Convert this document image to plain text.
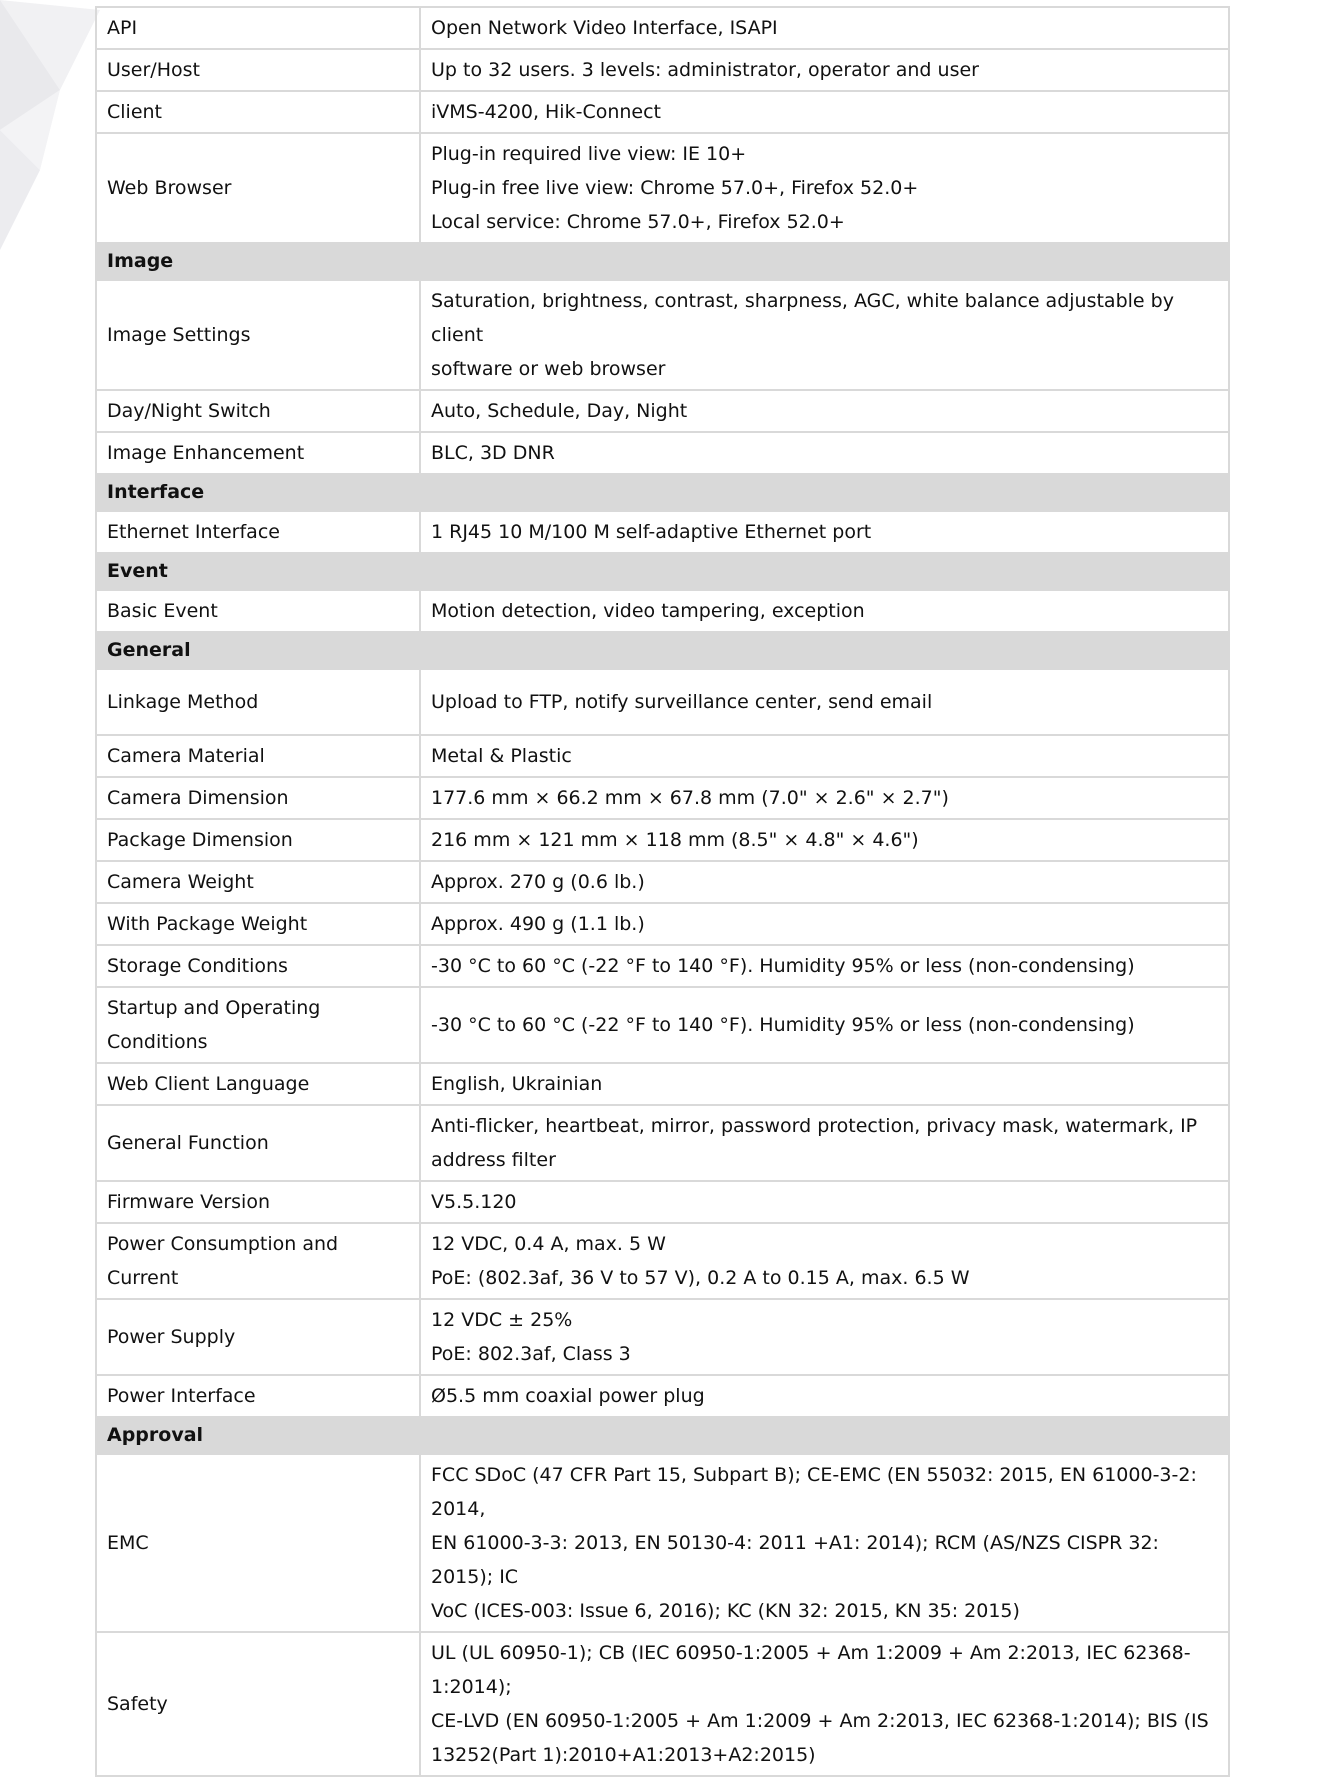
API	Open Network Video Interface, ISAPI

User/Host	Up to 32 users. 3 levels: administrator, operator and user

Client	iVMS-4200, Hik-Connect

Web Browser	Plug-in required live view: IE 10+
Plug-in free live view: Chrome 57.0+, Firefox 52.0+
Local service: Chrome 57.0+, Firefox 52.0+

Image	
Image Settings	Saturation, brightness, contrast, sharpness, AGC, white balance adjustable by client
software or web browser

Day/Night Switch	Auto, Schedule, Day, Night

Image Enhancement	BLC, 3D DNR

Interface	
Ethernet Interface	1 RJ45 10 M/100 M self-adaptive Ethernet port

Event	
Basic Event	Motion detection, video tampering, exception

General	
Linkage Method	Upload to FTP, notify surveillance center, send email

Camera Material	Metal & Plastic

Camera Dimension	177.6 mm × 66.2 mm × 67.8 mm (7.0" × 2.6" × 2.7")

Package Dimension	216 mm × 121 mm × 118 mm (8.5" × 4.8" × 4.6")

Camera Weight	Approx. 270 g (0.6 lb.)

With Package Weight	Approx. 490 g (1.1 lb.)

Storage Conditions	-30 °C to 60 °C (-22 °F to 140 °F). Humidity 95% or less (non-condensing)

Startup and Operating
Conditions	-30 °C to 60 °C (-22 °F to 140 °F). Humidity 95% or less (non-condensing)

Web Client Language	English, Ukrainian

General Function	Anti-flicker, heartbeat, mirror, password protection, privacy mask, watermark, IP
address filter

Firmware Version	V5.5.120

Power Consumption and Current	12 VDC, 0.4 A, max. 5 W
PoE: (802.3af, 36 V to 57 V), 0.2 A to 0.15 A, max. 6.5 W

Power Supply	12 VDC ± 25%
PoE: 802.3af, Class 3

Power Interface	Ø5.5 mm coaxial power plug

Approval	
EMC	FCC SDoC (47 CFR Part 15, Subpart B); CE-EMC (EN 55032: 2015, EN 61000-3-2: 2014,
EN 61000-3-3: 2013, EN 50130-4: 2011 +A1: 2014); RCM (AS/NZS CISPR 32: 2015); IC
VoC (ICES-003: Issue 6, 2016); KC (KN 32: 2015, KN 35: 2015)

Safety	UL (UL 60950-1); CB (IEC 60950-1:2005 + Am 1:2009 + Am 2:2013, IEC 62368-1:2014);
CE-LVD (EN 60950-1:2005 + Am 1:2009 + Am 2:2013, IEC 62368-1:2014); BIS (IS
13252(Part 1):2010+A1:2013+A2:2015)
